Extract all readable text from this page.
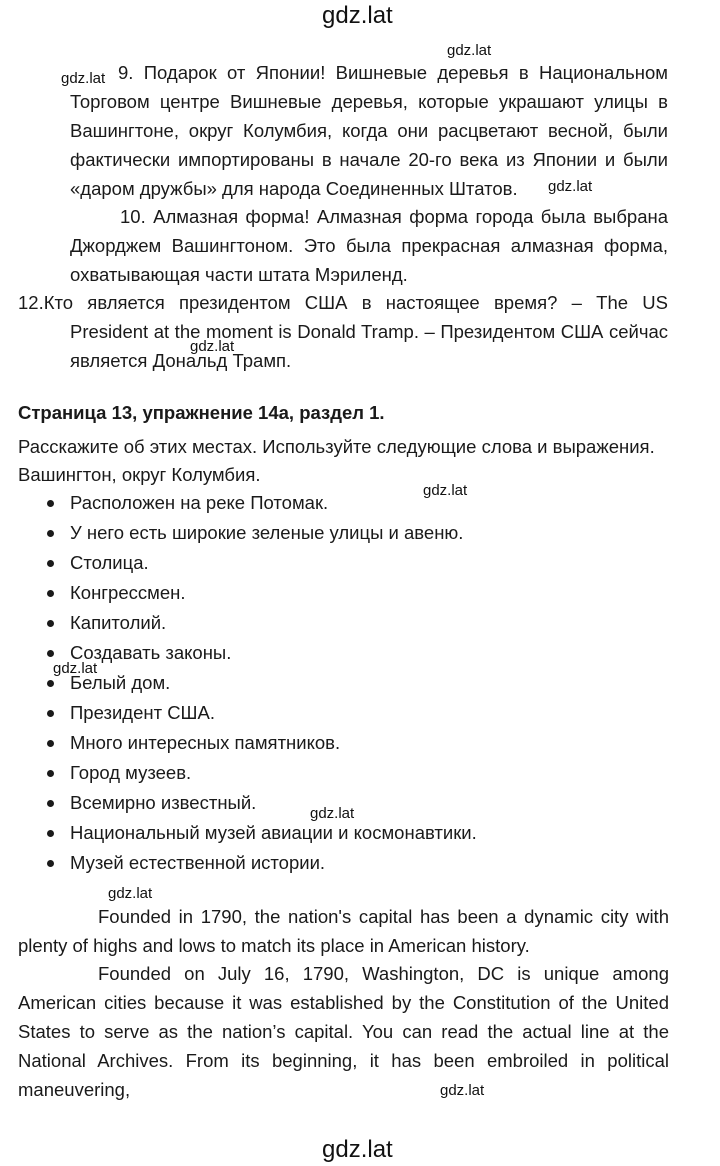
gdz.lat
gdz.lat
gdz.lat
gdz.lat
gdz.lat
gdz.lat
gdz.lat
gdz.lat
gdz.lat
gdz.lat

9. Подарок от Японии! Вишневые деревья в Национальном Торговом центре Вишневые деревья, которые украшают улицы в Вашингтоне, округ Колумбия, когда они расцветают весной, были фактически импортированы в начале 20-го века из Японии и были «даром дружбы» для народа Соединенных Штатов.

10. Алмазная форма! Алмазная форма города была выбрана Джорджем Вашингтоном. Это была прекрасная алмазная форма, охватывающая части штата Мэриленд.

12.Кто является президентом США в настоящее время? – The US President at the moment is Donald Tramp. – Президентом США сейчас является Дональд Трамп.

Страница 13, упражнение 14а, раздел 1.

Расскажите об этих местах. Используйте следующие слова и выражения.

Вашингтон, округ Колумбия.

Расположен на реке Потомак.
У него есть широкие зеленые улицы и авеню.
Столица.
Конгрессмен.
Капитолий.
Создавать законы.
Белый дом.
Президент США.
Много интересных памятников.
Город музеев.
Всемирно известный.
Национальный музей авиации и космонавтики.
Музей естественной истории.

Founded in 1790, the nation's capital has been a dynamic city with plenty of highs and lows to match its place in American history.

Founded on July 16, 1790, Washington, DC is unique among American cities because it was established by the Constitution of the United States to serve as the nation’s capital. You can read the actual line at the National Archives. From its beginning, it has been embroiled in political maneuvering,

gdz.lat
